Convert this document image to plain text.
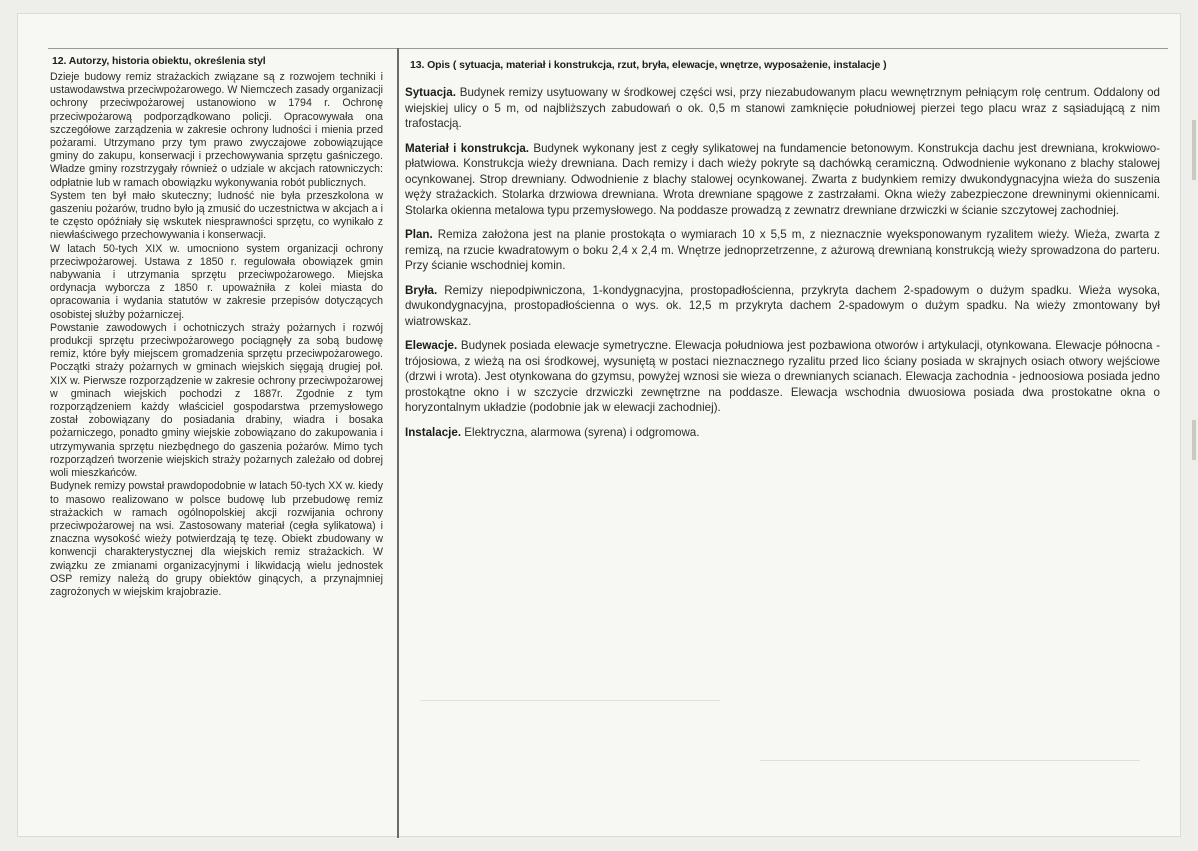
12. Autorzy, historia obiektu, określenia styl

Dzieje budowy remiz strażackich związane są z rozwojem techniki i ustawodawstwa przeciwpożarowego. W Niemczech zasady organizacji ochrony przeciwpożarowej ustanowiono w 1794 r. Ochronę przeciwpożarową podporządkowano policji. Opracowywała ona szczegółowe zarządzenia w zakresie ochrony ludności i mienia przed pożarami. Utrzymano przy tym prawo zwyczajowe zobowiązujące gminy do zakupu, konserwacji i przechowywania sprzętu gaśniczego. Władze gminy rozstrzygały również o udziale w akcjach ratowniczych: odpłatnie lub w ramach obowiązku wykonywania robót publicznych.

System ten był mało skuteczny; ludność nie była przeszkolona w gaszeniu pożarów, trudno było ją zmusić do uczestnictwa w akcjach a i te często opóźniały się wskutek niesprawności sprzętu, co wynikało z niewłaściwego przechowywania i konserwacji.

W latach 50-tych XIX w. umocniono system organizacji ochrony przeciwpożarowej. Ustawa z 1850 r. regulowała obowiązek gmin nabywania i utrzymania sprzętu przeciwpożarowego. Miejska ordynacja wyborcza z 1850 r. upoważniła z kolei miasta do opracowania i wydania statutów w zakresie przepisów dotyczących osobistej służby pożarniczej.

Powstanie zawodowych i ochotniczych straży pożarnych i rozwój produkcji sprzętu przeciwpożarowego pociągnęły za sobą budowę remiz, które były miejscem gromadzenia sprzętu przeciwpożarowego. Początki straży pożarnych w gminach wiejskich sięgają drugiej poł. XIX w. Pierwsze rozporządzenie w zakresie ochrony przeciwpożarowej w gminach wiejskich pochodzi z 1887r. Zgodnie z tym rozporządzeniem każdy właściciel gospodarstwa przemysłowego został zobowiązany do posiadania drabiny, wiadra i bosaka pożarniczego, ponadto gminy wiejskie zobowiązano do zakupowania i utrzymywania sprzętu niezbędnego do gaszenia pożarów. Mimo tych rozporządzeń tworzenie wiejskich straży pożarnych zależało od dobrej woli mieszkańców.

Budynek remizy powstał prawdopodobnie w latach 50-tych XX w. kiedy to masowo realizowano w polsce budowę lub przebudowę remiz strażackich w ramach ogólnopolskiej akcji rozwijania ochrony przeciwpożarowej na wsi. Zastosowany materiał (cegła sylikatowa) i znaczna wysokość wieży potwierdzają tę tezę. Obiekt zbudowany w konwencji charakterystycznej dla wiejskich remiz strażackich. W związku ze zmianami organizacyjnymi i likwidacją wielu jednostek OSP remizy należą do grupy obiektów ginących, a przynajmniej zagrożonych w wiejskim krajobrazie.

13. Opis ( sytuacja, materiał i konstrukcja, rzut, bryła, elewacje, wnętrze, wyposażenie, instalacje )
Sytuacja. Budynek remizy usytuowany w środkowej części wsi, przy niezabudowanym placu wewnętrznym pełniącym rolę centrum. Oddalony od wiejskiej ulicy o 5 m, od najbliższych zabudowań o ok. 0,5 m stanowi zamknięcie południowej pierzei tego placu wraz z sąsiadującą z nim trafostacją.
Materiał i konstrukcja. Budynek wykonany jest z cegły sylikatowej na fundamencie betonowym. Konstrukcja dachu jest drewniana, krokwiowo-płatwiowa. Konstrukcja wieży drewniana. Dach remizy i dach wieży pokryte są dachówką ceramiczną. Odwodnienie wykonano z blachy stalowej ocynkowanej. Strop drewniany. Odwodnienie z blachy stalowej ocynkowanej. Zwarta z budynkiem remizy dwukondygnacyjna wieża do suszenia węży strażackich. Stolarka drzwiowa drewniana. Wrota drewniane spągowe z zastrzałami. Okna wieży zabezpieczone drewninymi okiennicami. Stolarka okienna metalowa typu przemysłowego. Na poddasze prowadzą z zewnatrz drewniane drzwiczki w ścianie szczytowej zachodniej.
Plan. Remiza założona jest na planie prostokąta o wymiarach 10 x 5,5 m, z nieznacznie wyeksponowanym ryzalitem wieży. Wieża, zwarta z remizą, na rzucie kwadratowym o boku 2,4 x 2,4 m. Wnętrze jednoprzetrzenne, z ażurową drewnianą konstrukcją wieży sprowadzona do parteru. Przy ścianie wschodniej komin.
Bryła. Remizy niepodpiwniczona, 1-kondygnacyjna, prostopadłościenna, przykryta dachem 2-spadowym o dużym spadku. Wieża wysoka, dwukondygnacyjna, prostopadłościenna o wys. ok. 12,5 m przykryta dachem 2-spadowym o dużym spadku. Na wieży zmontowany był wiatrowskaz.
Elewacje. Budynek posiada elewacje symetryczne. Elewacja południowa jest pozbawiona otworów i artykulacji, otynkowana. Elewacje północna - trójosiowa, z wieżą na osi środkowej, wysuniętą w postaci nieznacznego ryzalitu przed lico ściany posiada w skrajnych osiach otwory wejściowe (drzwi i wrota). Jest otynkowana do gzymsu, powyżej wznosi sie wieza o drewnianych scianach. Elewacja zachodnia - jednoosiowa posiada jedno prostokątne okno i w szczycie drzwiczki zewnętrzne na poddasze. Elewacja wschodnia dwuosiowa posiada dwa prostokatne okna o horyzontalnym układzie (podobnie jak w elewacji zachodniej).
Instalacje. Elektryczna, alarmowa (syrena) i odgromowa.
